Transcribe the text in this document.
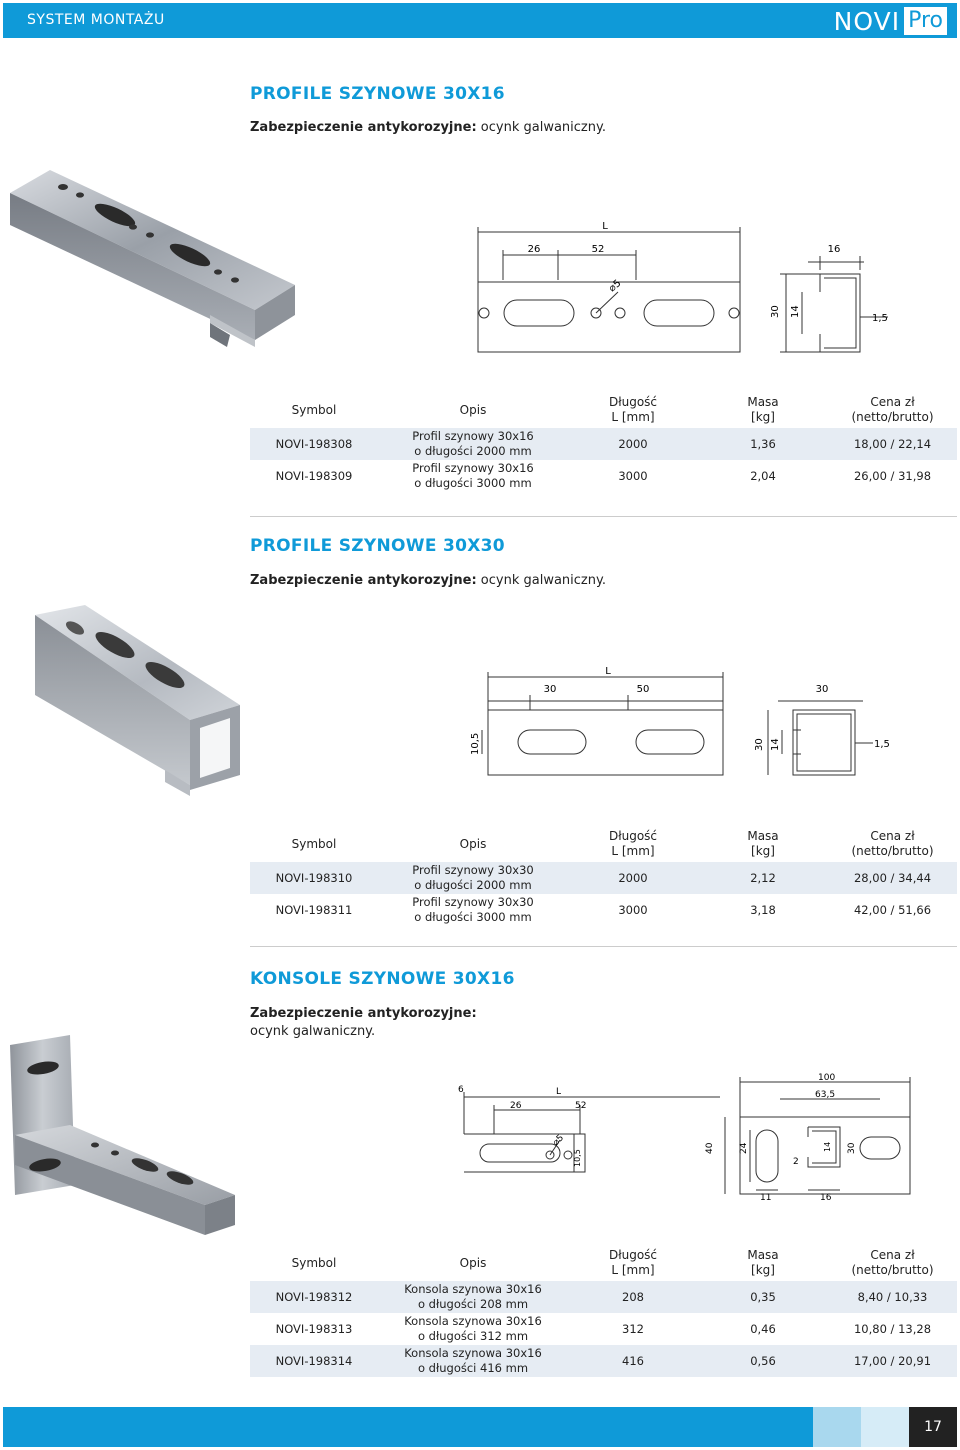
SYSTEM MONTAŻU	NOVI Pro
PROFILE SZYNOWE 30X16
Zabezpieczenie antykorozyjne: ocynk galwaniczny.
L
26	52	16
⌀5
30 14
1,5
Symbol	Opis	Długość
L [mm]	Masa
[kg]	Cena zł
(netto/brutto)
NOVI-198308	Profil szynowy 30x16
o długości 2000 mm	2000	1,36	18,00 / 22,14
NOVI-198309	Profil szynowy 30x16
o długości 3000 mm	3000	2,04	26,00 / 31,98
PROFILE SZYNOWE 30X30
Zabezpieczenie antykorozyjne: ocynk galwaniczny.
L
30	50	30
10,5	30 14	1,5
Symbol	Opis	Długość
L [mm]	Masa
[kg]	Cena zł
(netto/brutto)
NOVI-198310	Profil szynowy 30x30
o długości 2000 mm	2000	2,12	28,00 / 34,44
NOVI-198311	Profil szynowy 30x30
o długości 3000 mm	3000	3,18	42,00 / 51,66
KONSOLE SZYNOWE 30X16
Zabezpieczenie antykorozyjne:
ocynk galwaniczny.
6	L
26	52
⌀5
10,5
100
63,5
40	24
11	16
2
14 30
Symbol	Opis	Długość
L [mm]	Masa
[kg]	Cena zł
(netto/brutto)
NOVI-198312	Konsola szynowa 30x16
o długości 208 mm	208	0,35	8,40 / 10,33
NOVI-198313	Konsola szynowa 30x16
o długości 312 mm	312	0,46	10,80 / 13,28
NOVI-198314	Konsola szynowa 30x16
o długości 416 mm	416	0,56	17,00 / 20,91
17
